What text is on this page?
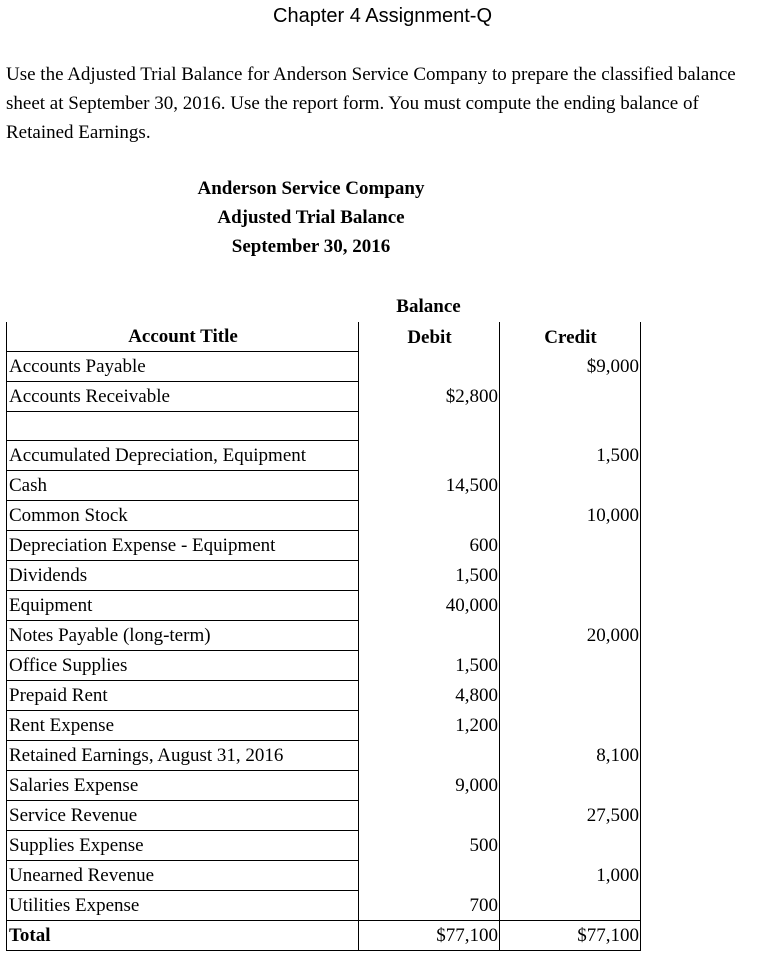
Chapter 4 Assignment-Q
Use the Adjusted Trial Balance for Anderson Service Company to prepare the classified balance sheet at September 30, 2016. Use the report form. You must compute the ending balance of Retained Earnings.
Anderson Service Company
Adjusted Trial Balance
September 30, 2016
Balance
Account Title	Debit	Credit
Accounts Payable		$9,000
Accounts Receivable	$2,800	

Accumulated Depreciation, Equipment		1,500
Cash	14,500	
Common Stock		10,000
Depreciation Expense - Equipment	600	
Dividends	1,500	
Equipment	40,000	
Notes Payable (long-term)		20,000
Office Supplies	1,500	
Prepaid Rent	4,800	
Rent Expense	1,200	
Retained Earnings, August 31, 2016		8,100
Salaries Expense	9,000	
Service Revenue		27,500
Supplies Expense	500	
Unearned Revenue		1,000
Utilities Expense	700	
Total	$77,100	$77,100
